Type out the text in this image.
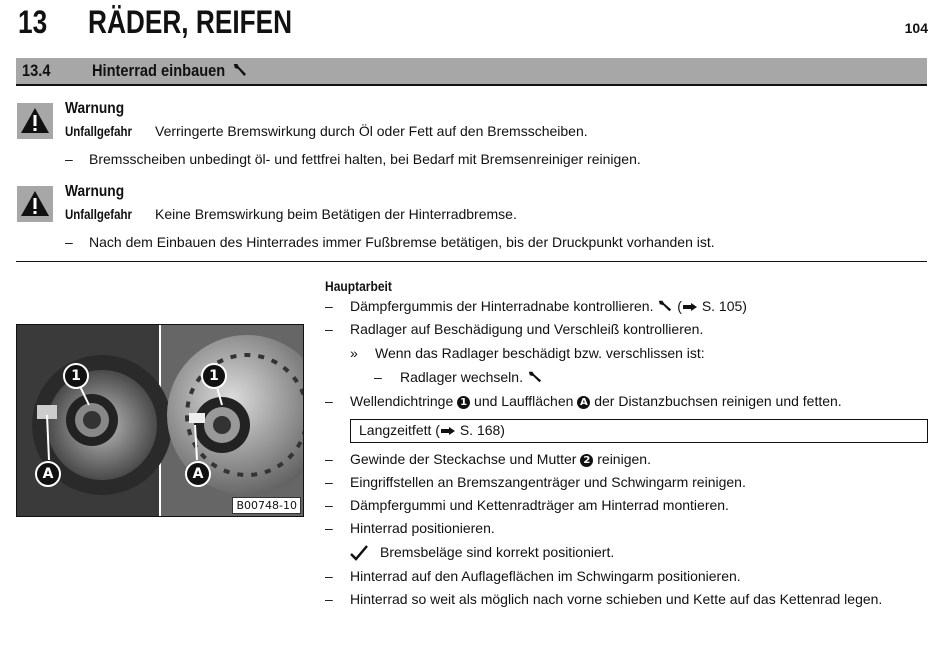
13 RÄDER, REIFEN	104
13.4 Hinterrad einbauen
Warnung
Unfallgefahr Verringerte Bremswirkung durch Öl oder Fett auf den Bremsscheiben.
– Bremsscheiben unbedingt öl- und fettfrei halten, bei Bedarf mit Bremsenreiniger reinigen.
Warnung
Unfallgefahr Keine Bremswirkung beim Betätigen der Hinterradbremse.
– Nach dem Einbauen des Hinterrades immer Fußbremse betätigen, bis der Druckpunkt vorhanden ist.
1	1
A	A
B00748-10
Hauptarbeit
– Dämpfergummis der Hinterradnabe kontrollieren. ( S. 105)
– Radlager auf Beschädigung und Verschleiß kontrollieren.
» Wenn das Radlager beschädigt bzw. verschlissen ist:
– Radlager wechseln.
– Wellendichtringe 1 und Laufflächen A der Distanzbuchsen reinigen und fetten.
Langzeitfett ( S. 168)
– Gewinde der Steckachse und Mutter 2 reinigen.
– Eingriffstellen an Bremszangenträger und Schwingarm reinigen.
– Dämpfergummi und Kettenradträger am Hinterrad montieren.
– Hinterrad positionieren.
Bremsbeläge sind korrekt positioniert.
– Hinterrad auf den Auflageflächen im Schwingarm positionieren.
– Hinterrad so weit als möglich nach vorne schieben und Kette auf das Kettenrad legen.
